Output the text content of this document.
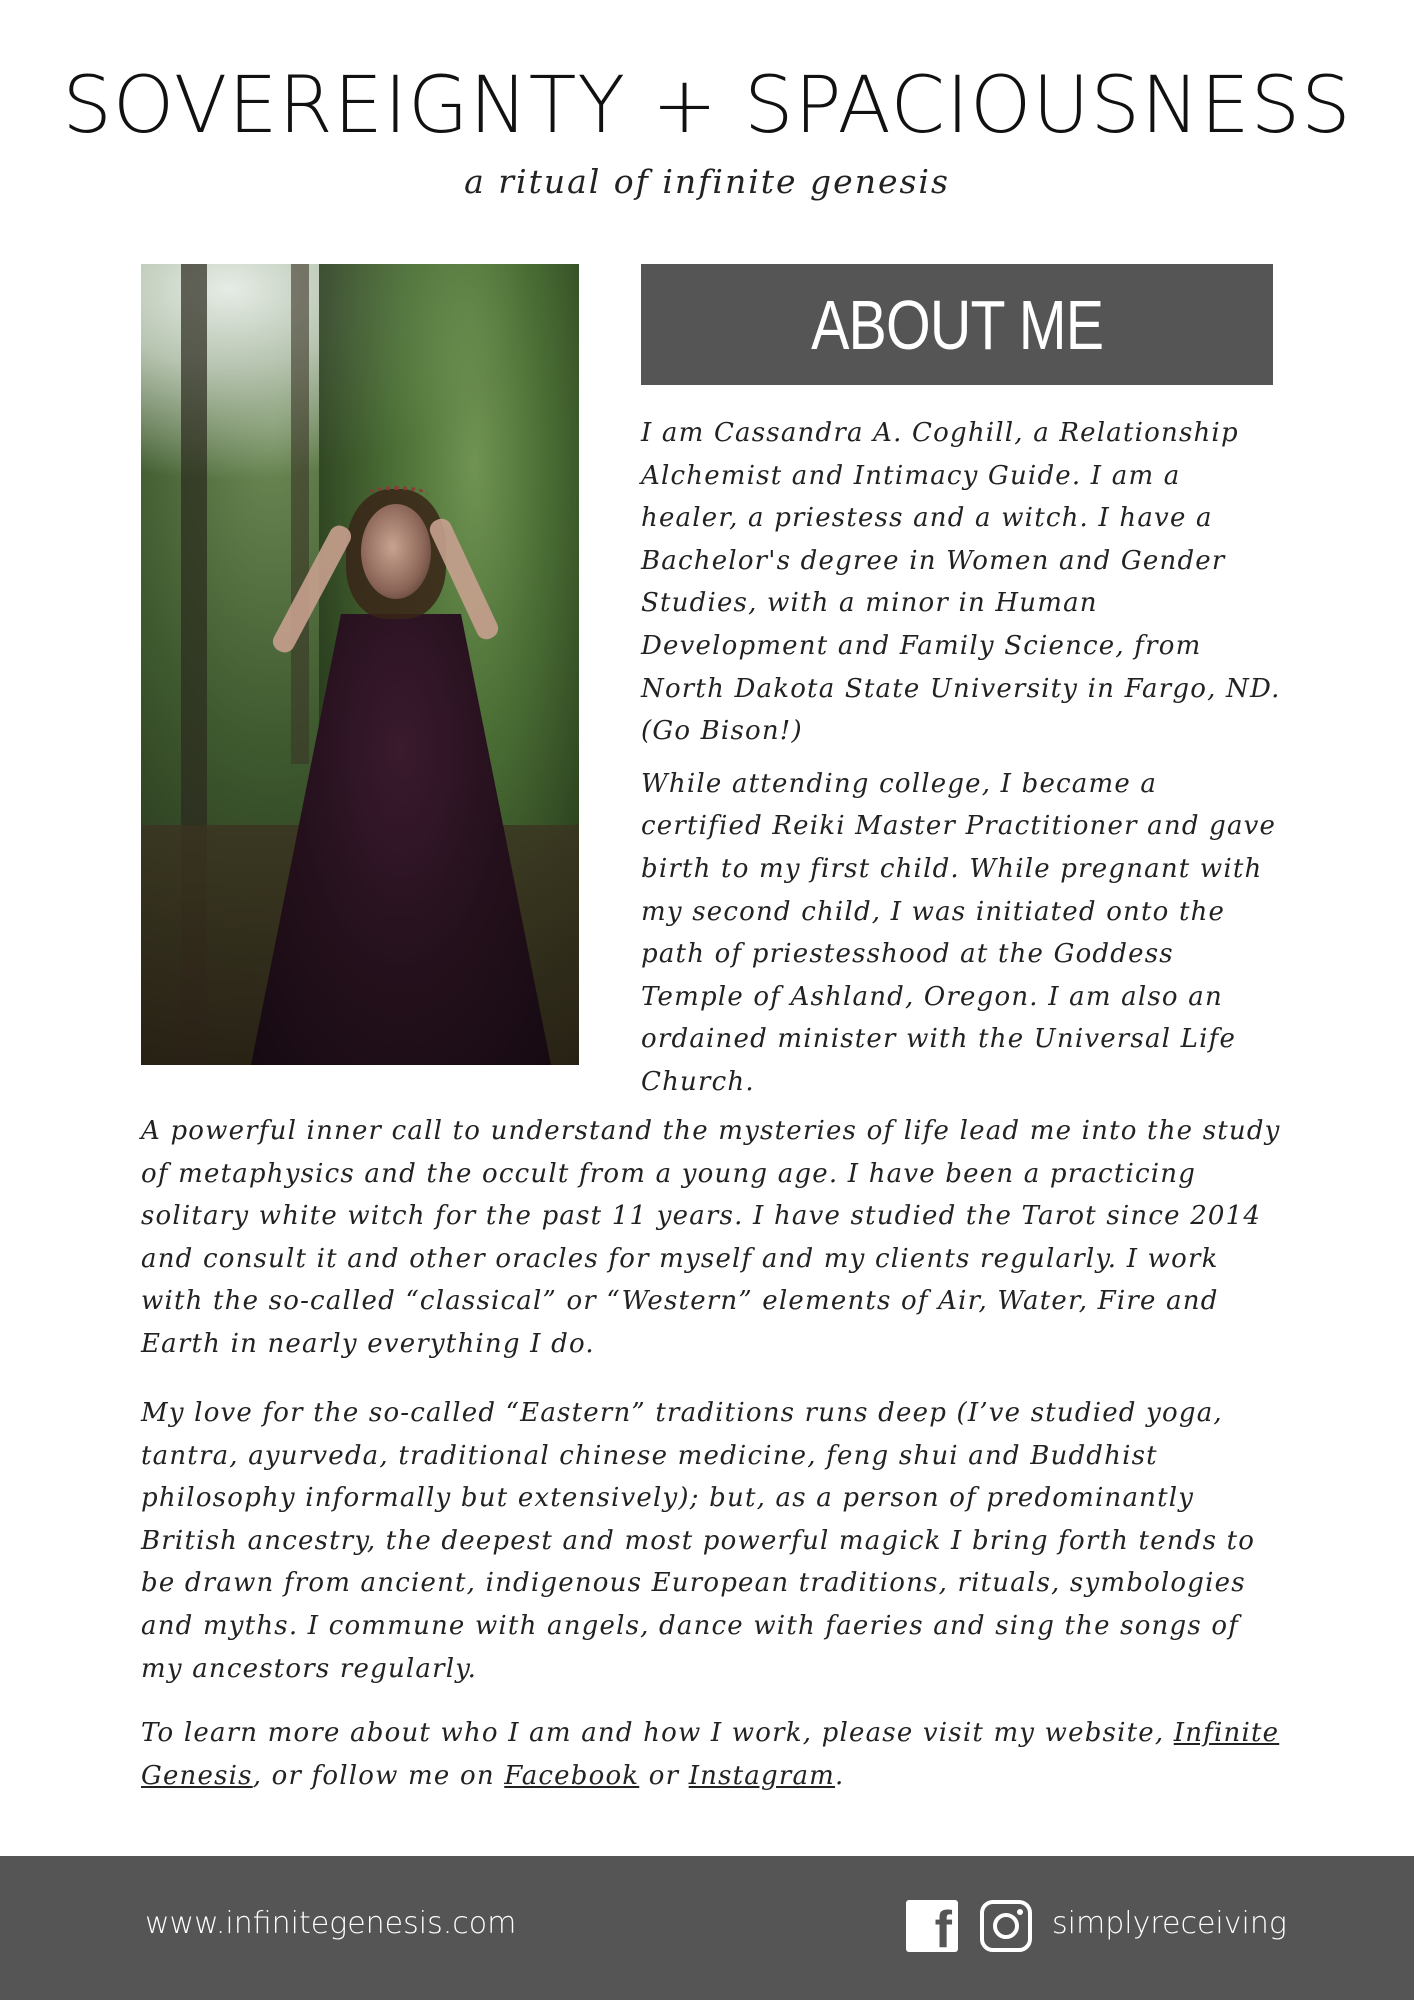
SOVEREIGNTY + SPACIOUSNESS
a ritual of infinite genesis
ABOUT ME

I am Cassandra A. Coghill, a Relationship Alchemist and Intimacy Guide. I am a healer, a priestess and a witch. I have a Bachelor's degree in Women and Gender Studies, with a minor in Human Development and Family Science, from North Dakota State University in Fargo, ND. (Go Bison!)

While attending college, I became a certified Reiki Master Practitioner and gave birth to my first child. While pregnant with my second child, I was initiated onto the path of priestesshood at the Goddess Temple of Ashland, Oregon. I am also an ordained minister with the Universal Life Church.

A powerful inner call to understand the mysteries of life lead me into the study of metaphysics and the occult from a young age. I have been a practicing solitary white witch for the past 11 years. I have studied the Tarot since 2014 and consult it and other oracles for myself and my clients regularly. I work with the so-called “classical” or “Western” elements of Air, Water, Fire and Earth in nearly everything I do.

My love for the so-called “Eastern” traditions runs deep (I’ve studied yoga, tantra, ayurveda, traditional chinese medicine, feng shui and Buddhist philosophy informally but extensively); but, as a person of predominantly British ancestry, the deepest and most powerful magick I bring forth tends to be drawn from ancient, indigenous European traditions, rituals, symbologies and myths. I commune with angels, dance with faeries and sing the songs of my ancestors regularly.

To learn more about who I am and how I work, please visit my website, Infinite Genesis, or follow me on Facebook or Instagram.

www.infinitegenesis.com	f	simplyreceiving
